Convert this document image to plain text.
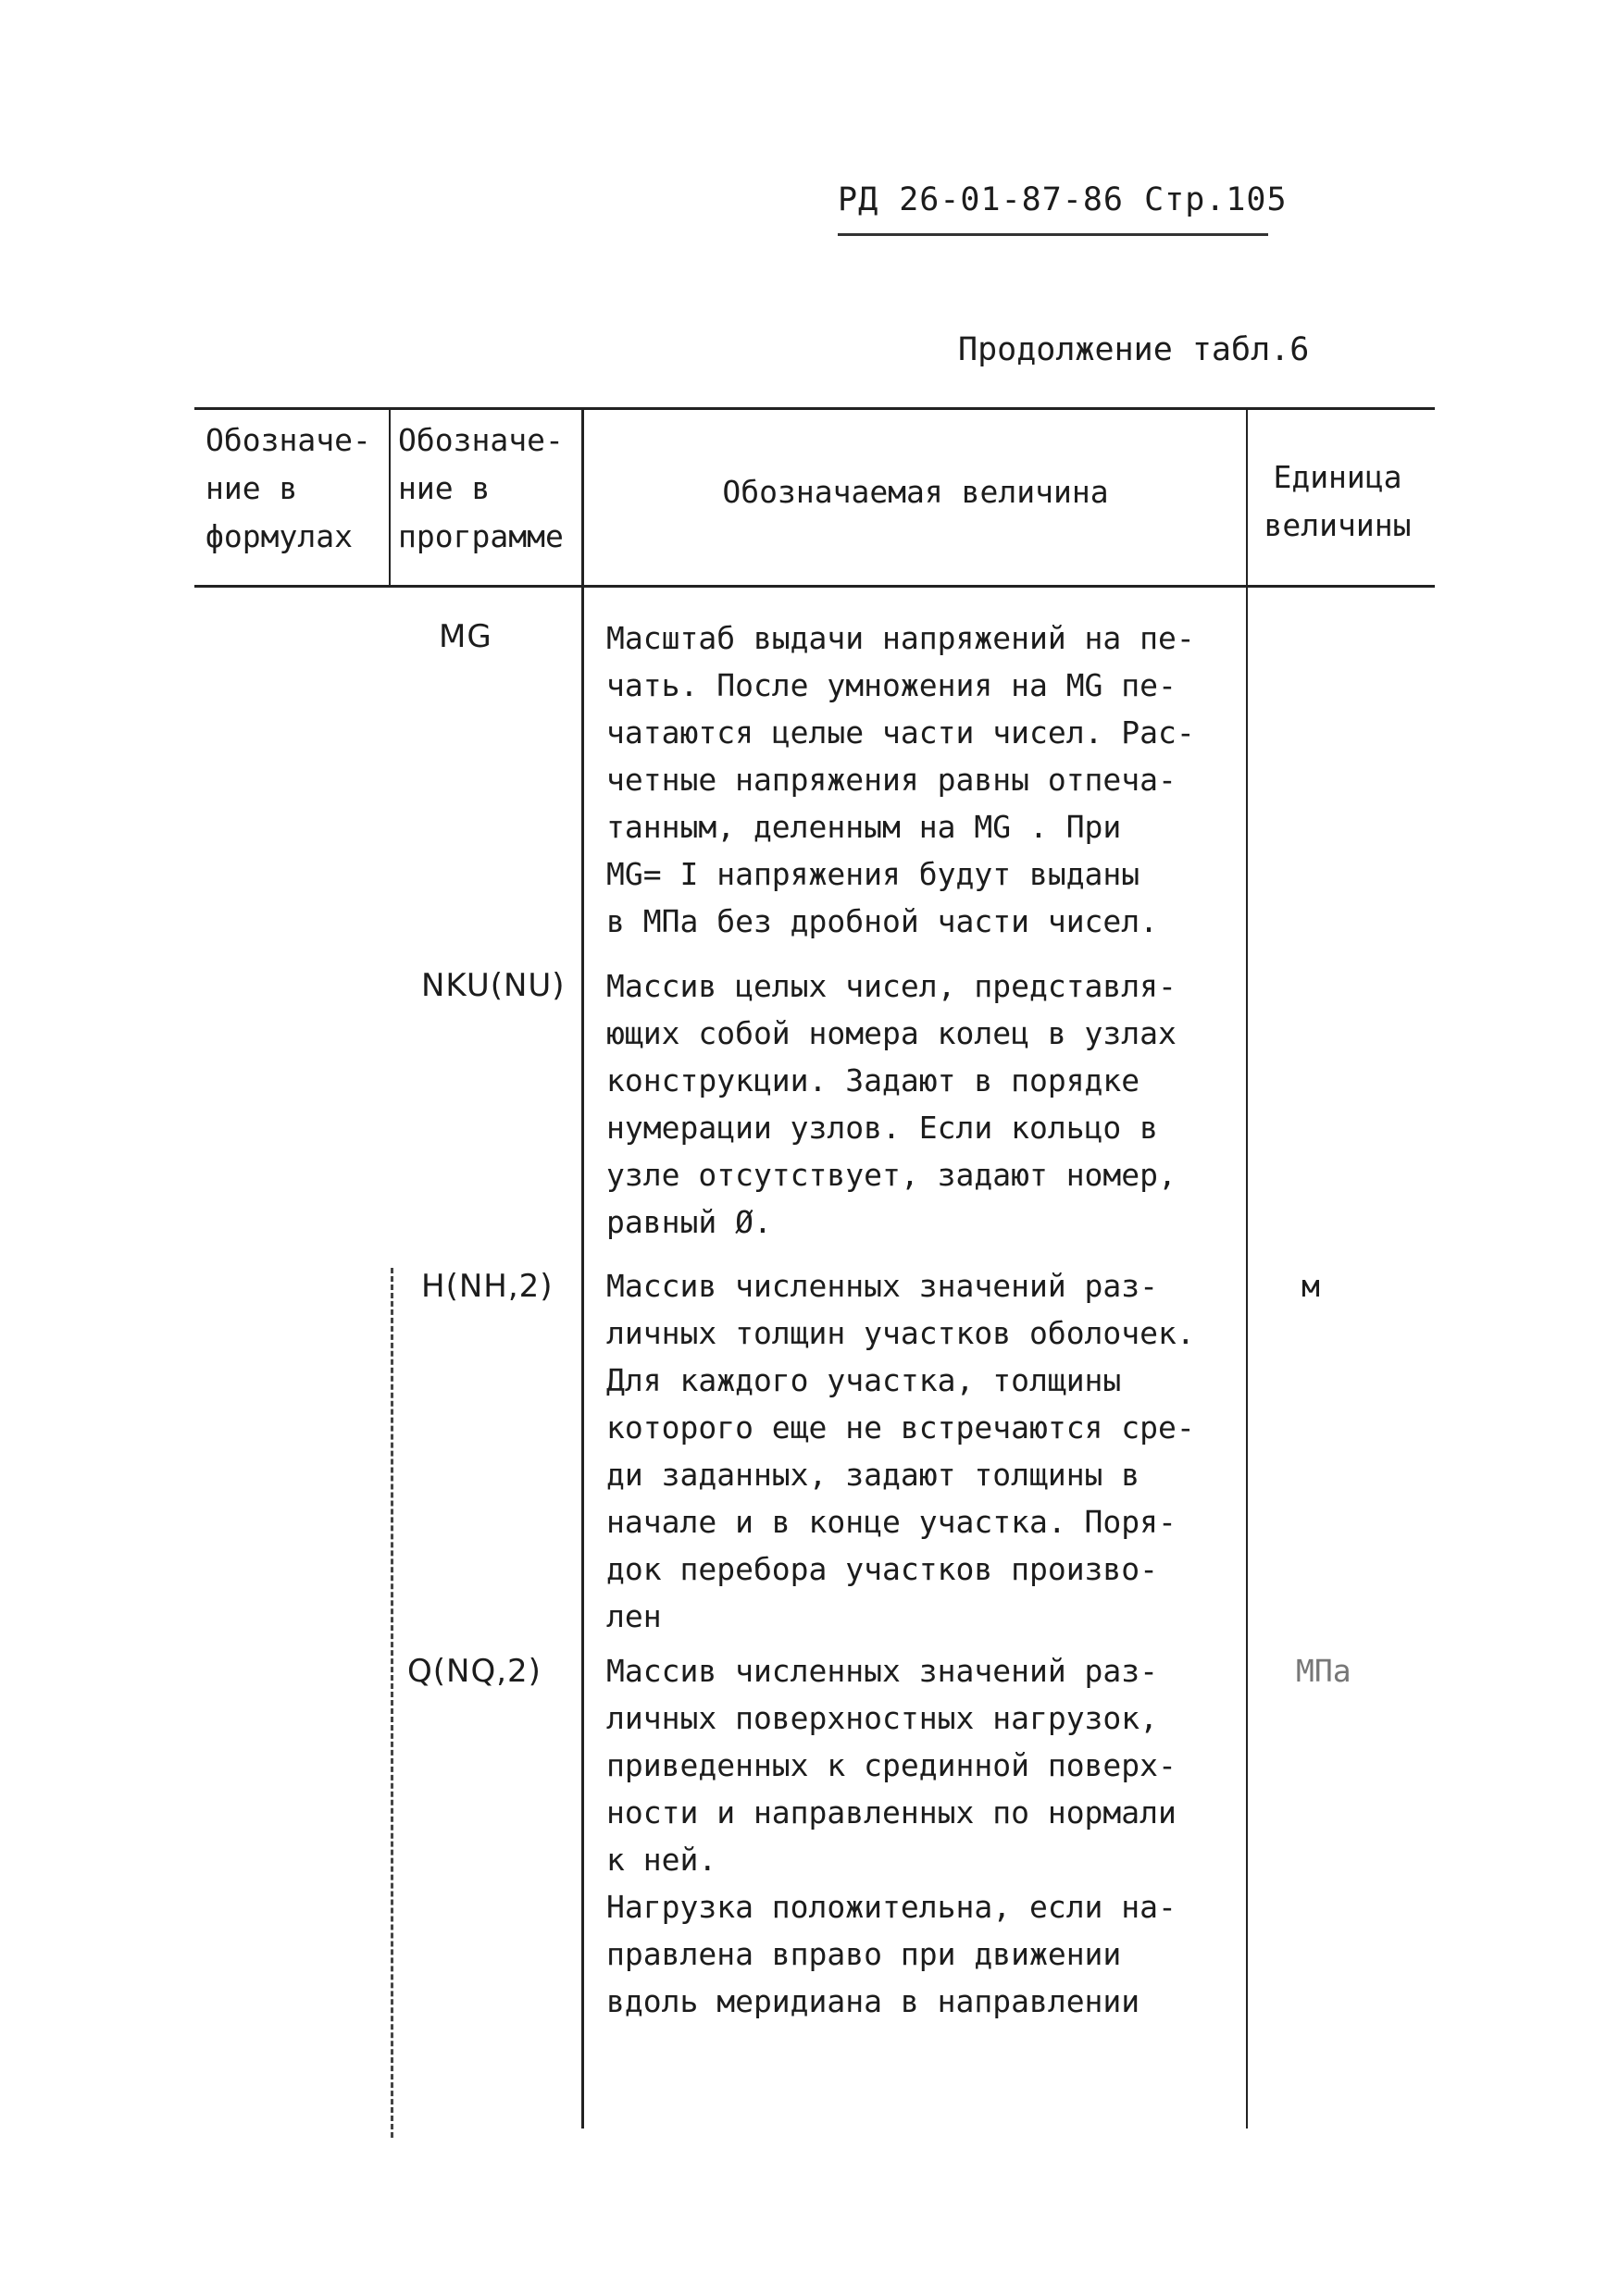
РД 26-01-87-86 Стр.105
Продолжение табл.6
Обозначе-
ние в
формулах
Обозначе-
ние в
программе
Обозначаемая величина	Единица
величины
MG	Масштаб выдачи напряжений на пе-
чать. После умножения на MG пе-
чатаются целые части чисел. Рас-
четные напряжения равны отпеча-
танным, деленным на MG . При
MG= I напряжения будут выданы
в МПа без дробной части чисел.
NKU(NU) Массив целых чисел, представля-
ющих собой номера колец в узлах
конструкции. Задают в порядке
нумерации узлов. Если кольцо в
узле отсутствует, задают номер,
равный Ø.
H(NH,2) Массив численных значений раз-
личных толщин участков оболочек.
Для каждого участка, толщины
которого еще не встречаются сре-
ди заданных, задают толщины в
начале и в конце участка. Поря-
док перебора участков произво-
лен
м
Q(NQ,2) Массив численных значений раз-
личных поверхностных нагрузок,
приведенных к срединной поверх-
ности и направленных по нормали
к ней.
Нагрузка положительна, если на-
правлена вправо при движении
вдоль меридиана в направлении
МПа
